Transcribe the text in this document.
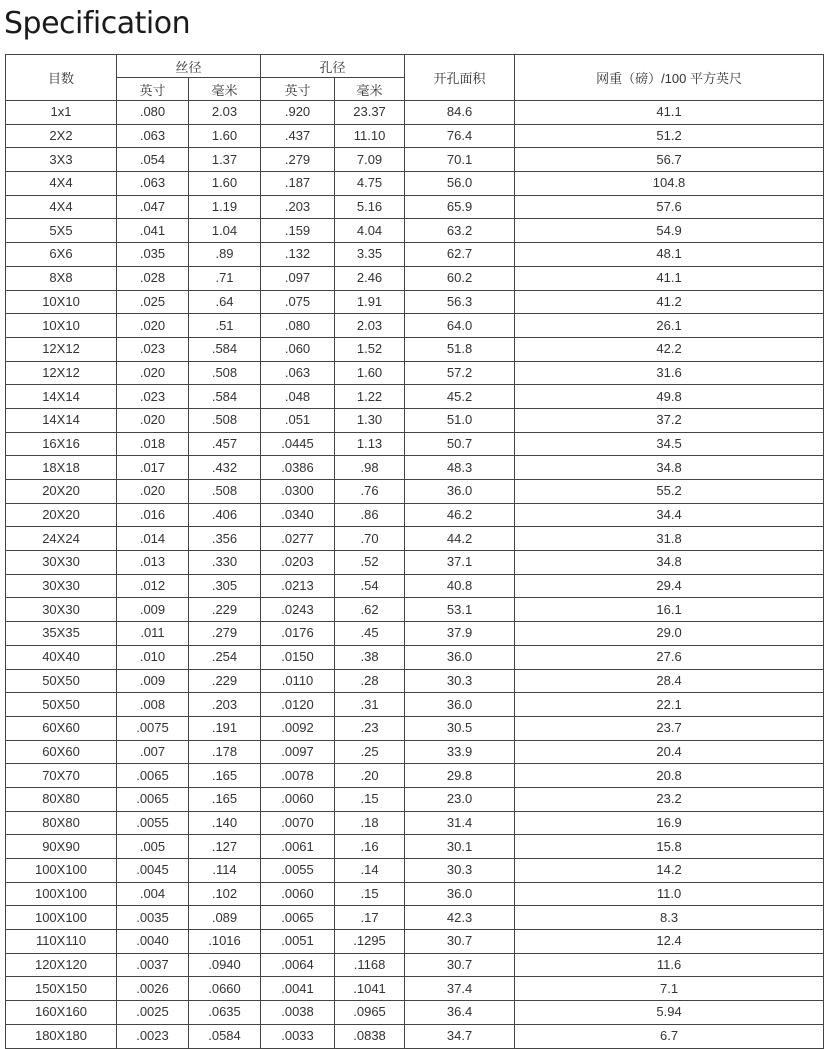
Specification
目数	丝径		孔径		开孔面积	网重（磅）/100 平方英尺
	英寸	毫米	英寸	毫米		
1x1	.080	2.03	.920	23.37	84.6	41.1
2X2	.063	1.60	.437	11.10	76.4	51.2
3X3	.054	1.37	.279	7.09	70.1	56.7
4X4	.063	1.60	.187	4.75	56.0	104.8
4X4	.047	1.19	.203	5.16	65.9	57.6
5X5	.041	1.04	.159	4.04	63.2	54.9
6X6	.035	.89	.132	3.35	62.7	48.1
8X8	.028	.71	.097	2.46	60.2	41.1
10X10	.025	.64	.075	1.91	56.3	41.2
10X10	.020	.51	.080	2.03	64.0	26.1
12X12	.023	.584	.060	1.52	51.8	42.2
12X12	.020	.508	.063	1.60	57.2	31.6
14X14	.023	.584	.048	1.22	45.2	49.8
14X14	.020	.508	.051	1.30	51.0	37.2
16X16	.018	.457	.0445	1.13	50.7	34.5
18X18	.017	.432	.0386	.98	48.3	34.8
20X20	.020	.508	.0300	.76	36.0	55.2
20X20	.016	.406	.0340	.86	46.2	34.4
24X24	.014	.356	.0277	.70	44.2	31.8
30X30	.013	.330	.0203	.52	37.1	34.8
30X30	.012	.305	.0213	.54	40.8	29.4
30X30	.009	.229	.0243	.62	53.1	16.1
35X35	.011	.279	.0176	.45	37.9	29.0
40X40	.010	.254	.0150	.38	36.0	27.6
50X50	.009	.229	.0110	.28	30.3	28.4
50X50	.008	.203	.0120	.31	36.0	22.1
60X60	.0075	.191	.0092	.23	30.5	23.7
60X60	.007	.178	.0097	.25	33.9	20.4
70X70	.0065	.165	.0078	.20	29.8	20.8
80X80	.0065	.165	.0060	.15	23.0	23.2
80X80	.0055	.140	.0070	.18	31.4	16.9
90X90	.005	.127	.0061	.16	30.1	15.8
100X100	.0045	.114	.0055	.14	30.3	14.2
100X100	.004	.102	.0060	.15	36.0	11.0
100X100	.0035	.089	.0065	.17	42.3	8.3
110X110	.0040	.1016	.0051	.1295	30.7	12.4
120X120	.0037	.0940	.0064	.1168	30.7	11.6
150X150	.0026	.0660	.0041	.1041	37.4	7.1
160X160	.0025	.0635	.0038	.0965	36.4	5.94
180X180	.0023	.0584	.0033	.0838	34.7	6.7
